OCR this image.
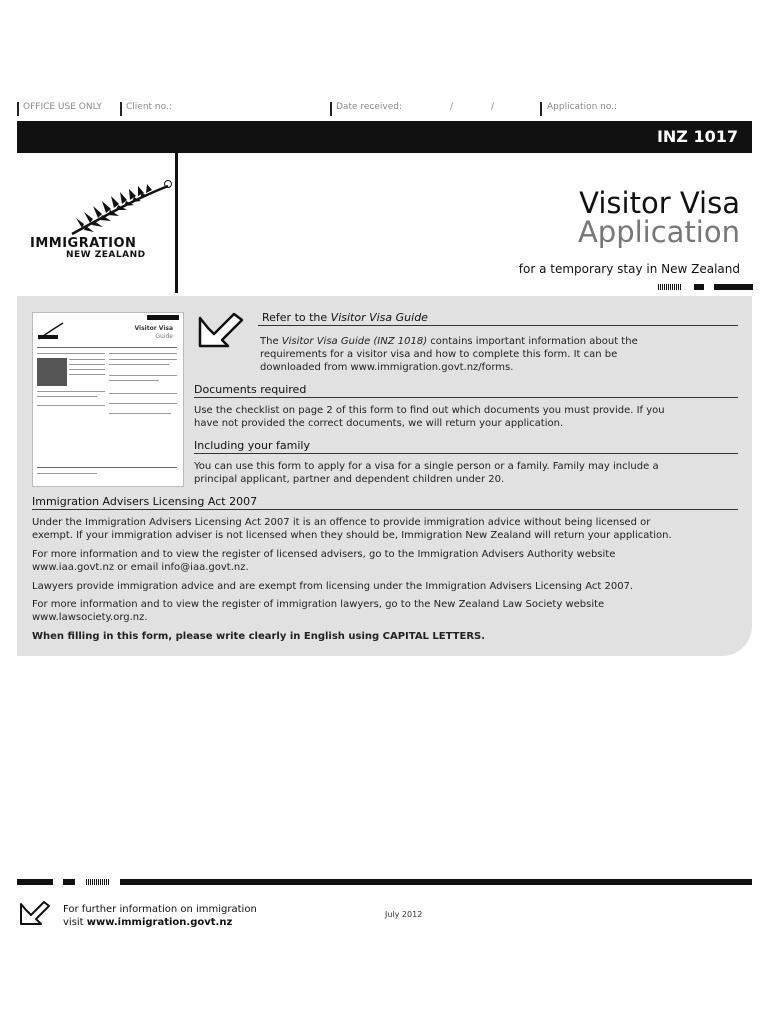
OFFICE USE ONLY	Client no.:	Date received:	/	/	Application no.:
INZ 1017
IMMIGRATION
NEW ZEALAND
Visitor Visa
Application
for a temporary stay in New Zealand
Visitor Visa
Guide
Refer to the Visitor Visa Guide
The Visitor Visa Guide (INZ 1018) contains important information about the
requirements for a visitor visa and how to complete this form. It can be
downloaded from www.immigration.govt.nz/forms.
Documents required
Use the checklist on page 2 of this form to find out which documents you must provide. If you
have not provided the correct documents, we will return your application.
Including your family
You can use this form to apply for a visa for a single person or a family. Family may include a
principal applicant, partner and dependent children under 20.
Immigration Advisers Licensing Act 2007
Under the Immigration Advisers Licensing Act 2007 it is an offence to provide immigration advice without being licensed or
exempt. If your immigration adviser is not licensed when they should be, Immigration New Zealand will return your application.
For more information and to view the register of licensed advisers, go to the Immigration Advisers Authority website
www.iaa.govt.nz or email info@iaa.govt.nz.
Lawyers provide immigration advice and are exempt from licensing under the Immigration Advisers Licensing Act 2007.
For more information and to view the register of immigration lawyers, go to the New Zealand Law Society website
www.lawsociety.org.nz.
When filling in this form, please write clearly in English using CAPITAL LETTERS.
For further information on immigration
visit www.immigration.govt.nz
July 2012
